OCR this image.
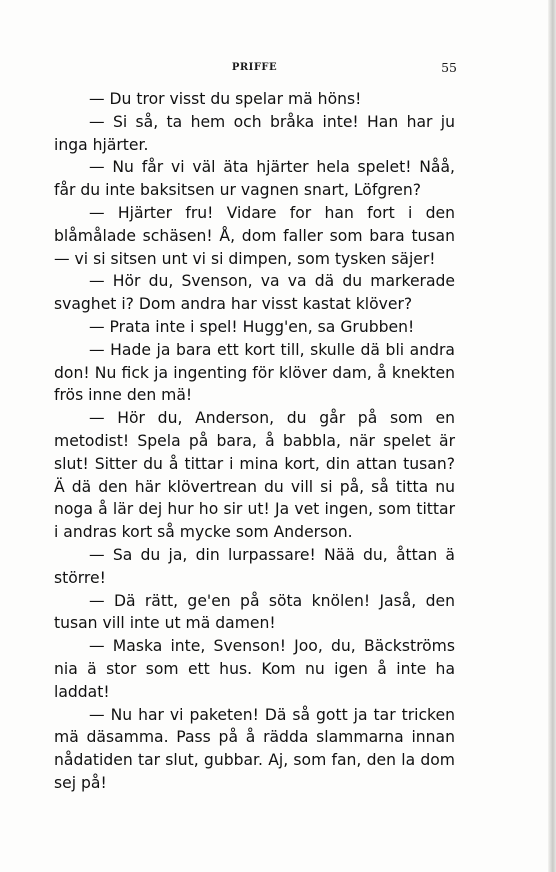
PRIFFE	55

— Du tror visst du spelar mä höns!

— Si så, ta hem och bråka inte! Han har ju inga hjärter.

— Nu får vi väl äta hjärter hela spelet! Nåå, får du inte baksitsen ur vagnen snart, Löfgren?

— Hjärter fru! Vidare for han fort i den blåmålade schäsen! Å, dom faller som bara tusan — vi si sitsen unt vi si dimpen, som tysken säjer!

— Hör du, Svenson, va va dä du markerade svaghet i? Dom andra har visst kastat klöver?

— Prata inte i spel! Hugg'en, sa Grubben!

— Hade ja bara ett kort till, skulle dä bli andra don! Nu fick ja ingenting för klöver dam, å knekten frös inne den mä!

— Hör du, Anderson, du går på som en metodist! Spela på bara, å babbla, när spelet är slut! Sitter du å tittar i mina kort, din attan tusan? Ä dä den här klövertrean du vill si på, så titta nu noga å lär dej hur ho sir ut! Ja vet ingen, som tittar i andras kort så mycke som Anderson.

— Sa du ja, din lurpassare! Nää du, åttan ä större!

— Dä rätt, ge'en på söta knölen! Jaså, den tusan vill inte ut mä damen!

— Maska inte, Svenson! Joo, du, Bäckströms nia ä stor som ett hus. Kom nu igen å inte ha laddat!

— Nu har vi paketen! Dä så gott ja tar tricken mä däsamma. Pass på å rädda slammarna innan nådatiden tar slut, gubbar. Aj, som fan, den la dom sej på!
